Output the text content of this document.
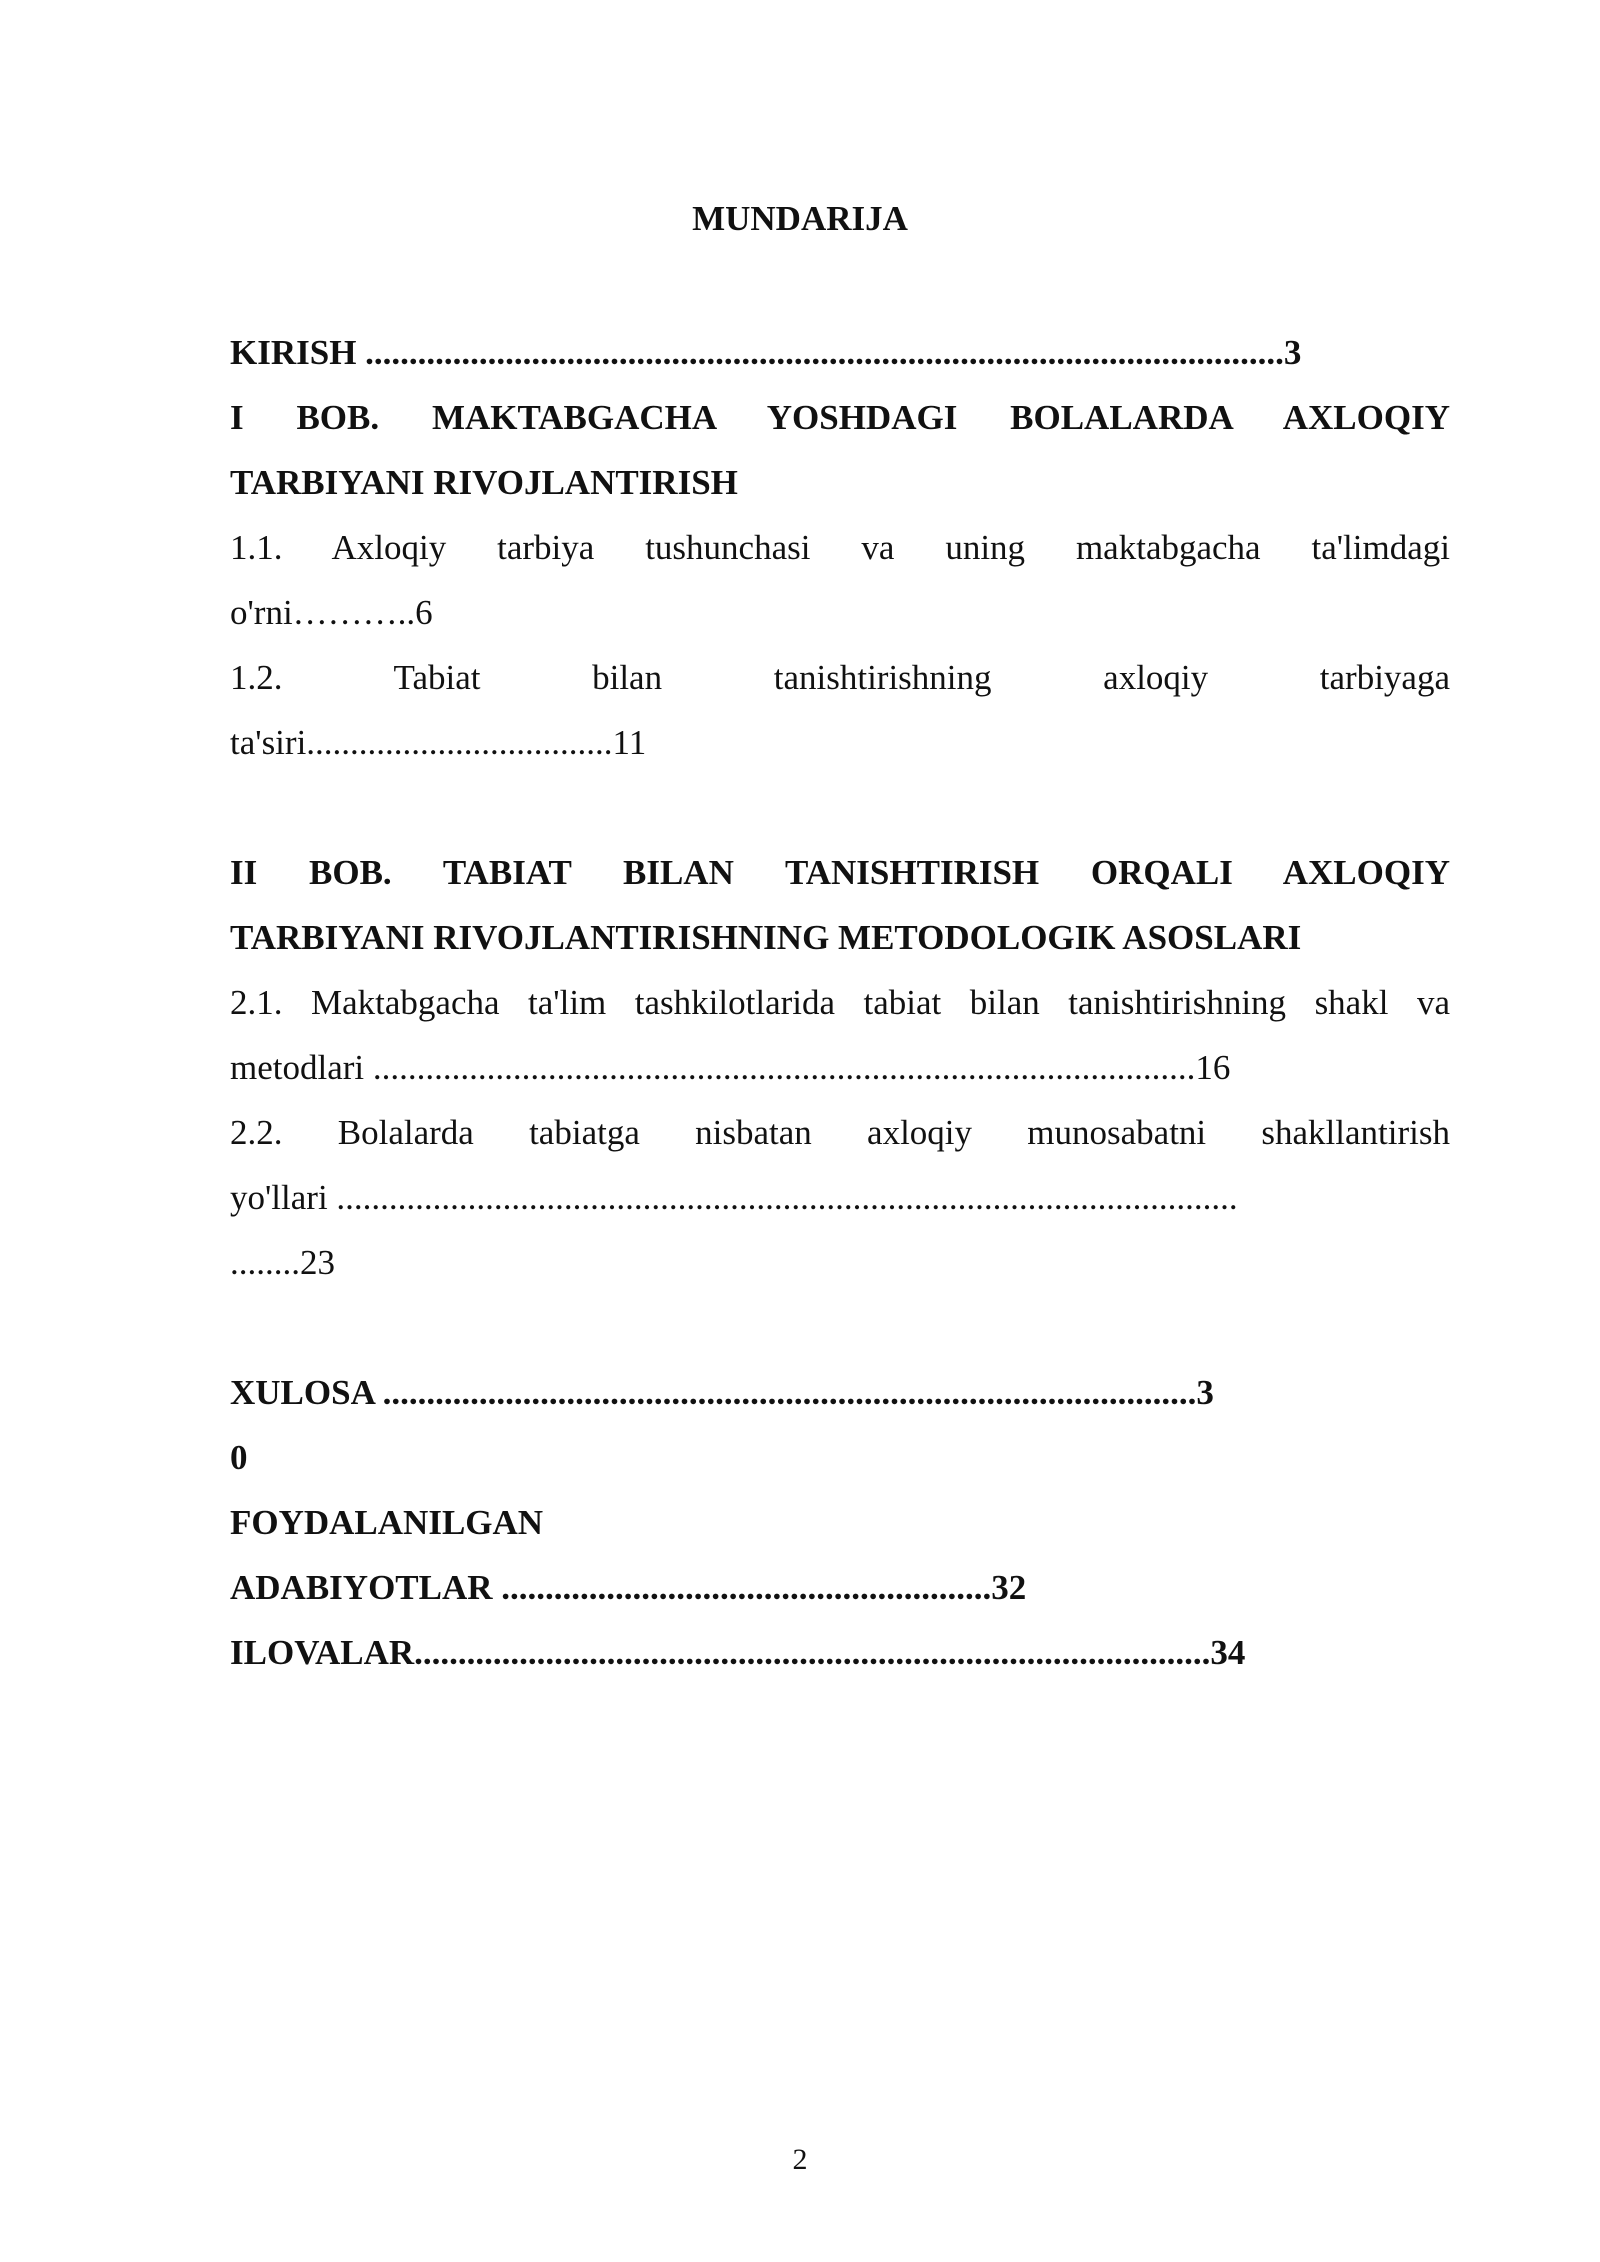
MUNDARIJA
KIRISH .........................................................................................................3
I BOB. MAKTABGACHA YOSHDAGI BOLALARDA AXLOQIY
TARBIYANI RIVOJLANTIRISH
1.1. Axloqiy tarbiya tushunchasi va uning maktabgacha ta'limdagi
o'rni………..6
1.2. Tabiat bilan tanishtirishning axloqiy tarbiyaga
ta'siri...................................11
II BOB. TABIAT BILAN TANISHTIRISH ORQALI AXLOQIY
TARBIYANI RIVOJLANTIRISHNING METODOLOGIK ASOSLARI
2.1. Maktabgacha ta'lim tashkilotlarida tabiat bilan tanishtirishning shakl va
metodlari ..............................................................................................16
2.2. Bolalarda tabiatga nisbatan axloqiy munosabatni shakllantirish
yo'llari .......................................................................................................
........23
XULOSA .............................................................................................3
0
FOYDALANILGAN
ADABIYOTLAR ........................................................32
ILOVALAR...........................................................................................34
2
